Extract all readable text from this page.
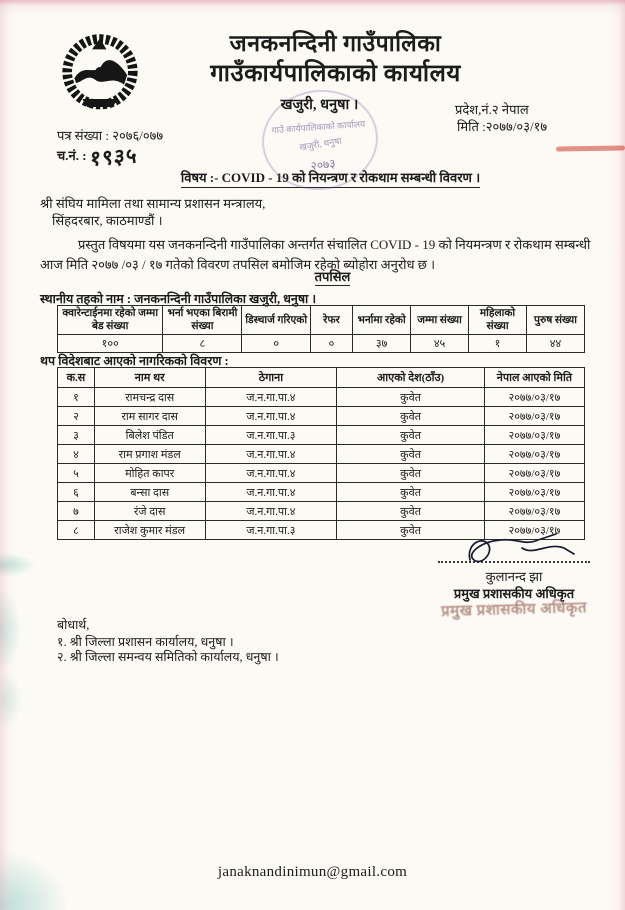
जनकनन्दिनी गाउँपालिका
गाउँकार्यपालिकाको कार्यालय
खजुरी, धनुषा ।
गाउँ कार्यपालिकाको कार्यालय
खजुरी, धनुषा
२०७३
पत्र संख्या : २०७६/०७७
च.नं. : १९३५
प्रदेश,नं.२ नेपाल
मिति :२०७७/०३/१७
विषय :- COVID - 19 को नियन्त्रण र रोकथाम सम्बन्धी विवरण ।
श्री संघिय मामिला तथा सामान्य प्रशासन मन्त्रालय,
सिंहदरबार, काठमाण्डौं ।
प्रस्तुत विषयमा यस जनकनन्दिनी गाउँपालिका अन्तर्गत संचालित COVID - 19 को नियमन्त्रण र रोकथाम सम्बन्धी आज मिति २०७७ /०३ / १७ गतेको विवरण तपसिल बमोजिम रहेको ब्योहोरा अनुरोध छ ।
तपसिल
स्थानीय तहको नाम : जनकनन्दिनी गाउँपालिका खजुरी, धनुषा ।
क्वारेन्टाईनमा रहेको जम्मा बेड संख्या	भर्ना भएका बिरामी संख्या	डिस्चार्ज गरिएको	रेफर	भर्नामा रहेको	जम्मा संख्या	महिलाको संख्या	पुरुष संख्या
१००	८	०	०	३७	४५	१	४४
थप विदेशबाट आएको नागरिकको विवरण :
क.स	नाम थर	ठेगाना	आएको देश(ठाँउ)	नेपाल आएको मिति
१	रामचन्द्र दास	ज.न.गा.पा.४	कुवेत	२०७७/०३/१७
२	राम सागर दास	ज.न.गा.पा.४	कुवेत	२०७७/०३/१७
३	बिलेश पंडित	ज.न.गा.पा.३	कुवेत	२०७७/०३/१७
४	राम प्रगाश मंडल	ज.न.गा.पा.४	कुवेत	२०७७/०३/१७
५	मोहित कापर	ज.न.गा.पा.४	कुवेत	२०७७/०३/१७
६	बन्सा दास	ज.न.गा.पा.४	कुवेत	२०७७/०३/१७
७	रंजे दास	ज.न.गा.पा.४	कुवेत	२०७७/०३/१७
८	राजेश कुमार मंडल	ज.न.गा.पा.३	कुवेत	२०७७/०३/१७
कुलानन्द झा
प्रमुख प्रशासकीय अधिकृत
प्रमुख प्रशासकीय अधिकृत
बोधार्थ,
१. श्री जिल्ला प्रशासन कार्यालय, धनुषा ।
२. श्री जिल्ला समन्वय समितिको कार्यालय, धनुषा ।
janaknandinimun@gmail.com
